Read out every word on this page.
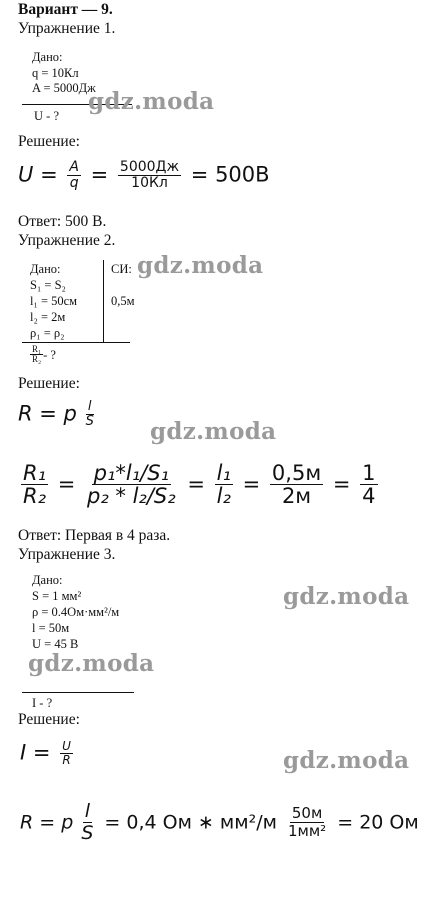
Вариант — 9.
Упражнение 1.
Дано:
q = 10Кл
A = 5000Дж
U - ?
Решение:
$U = \frac{A}{q} = \frac{5000Дж}{10Кл} = 500В$
Ответ: 500 В.
Упражнение 2.
Дано:
S₁ = S₂
l₁ = 50см
l₂ = 2м
ρ₁ = ρ₂
СИ:
0,5м
$\frac{\text{R₁}}{\text{R₂}}$ - ?
Решение:
R = p $\frac{l}{S}$
$\frac{\text{R₁}}{\text{R₂}} = \frac{\text{p₁*l₁/S₁}}{\text{p₂ * l₂/S₂}} = \frac{\text{l₁}}{\text{l₂}} = \frac{0,5м}{2м} = \frac{1}{4}$
Ответ: Первая в 4 раза.
Упражнение 3.
Дано:
S = 1 мм²
ρ = 0.4Ом·мм²/м
l = 50м
U = 45 В
I - ?
Решение:
$I = \frac{U}{R}$
R = p $\frac{l}{S} = 0,4$ Ом ∗ $мм^2/м \frac{50м}{\text{1мм²}} = 20$ Ом
gdz.moda
gdz.moda
gdz.moda
gdz.moda
gdz.moda
gdz.moda
